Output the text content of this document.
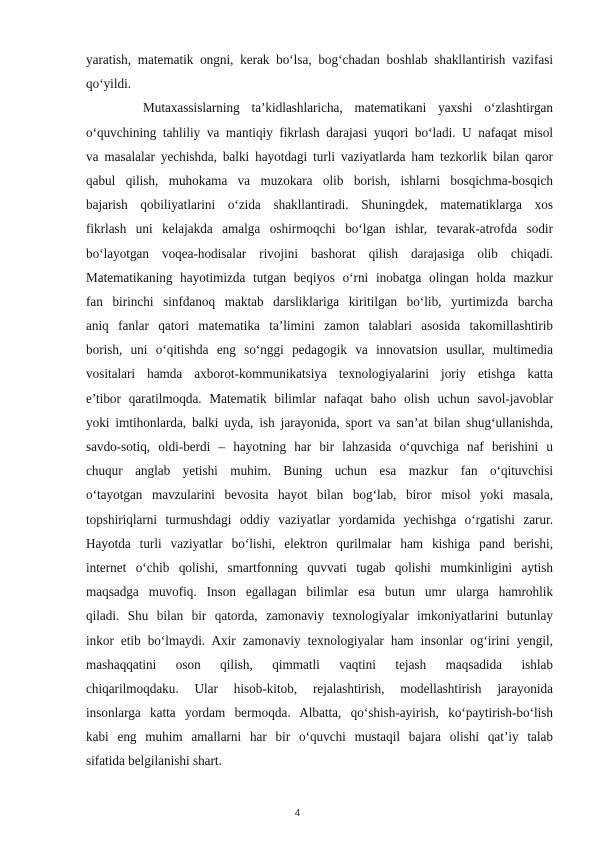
yaratish, matematik ongni, kerak bo‘lsa, bog‘chadan boshlab shakllantirish vazifasi
qo‘yildi.
Mutaxassislarning ta’kidlashlaricha, matematikani yaxshi o‘zlashtirgan
o‘quvchining tahliliy va mantiqiy fikrlash darajasi yuqori bo‘ladi. U nafaqat misol
va masalalar yechishda, balki hayotdagi turli vaziyatlarda ham tezkorlik bilan qaror
qabul qilish, muhokama va muzokara olib borish, ishlarni bosqichma-bosqich
bajarish qobiliyatlarini o‘zida shakllantiradi. Shuningdek, matematiklarga xos
fikrlash uni kelajakda amalga oshirmoqchi bo‘lgan ishlar, tevarak-atrofda sodir
bo‘layotgan voqea-hodisalar rivojini bashorat qilish darajasiga olib chiqadi.
Matematikaning hayotimizda tutgan beqiyos o‘rni inobatga olingan holda mazkur
fan birinchi sinfdanoq maktab darsliklariga kiritilgan bo‘lib, yurtimizda barcha
aniq fanlar qatori matematika ta’limini zamon talablari asosida takomillashtirib
borish, uni o‘qitishda eng so‘nggi pedagogik va innovatsion usullar, multimedia
vositalari hamda axborot-kommunikatsiya texnologiyalarini joriy etishga katta
e’tibor qaratilmoqda. Matematik bilimlar nafaqat baho olish uchun savol-javoblar
yoki imtihonlarda, balki uyda, ish jarayonida, sport va san’at bilan shug‘ullanishda,
savdo-sotiq, oldi-berdi – hayotning har bir lahzasida o‘quvchiga naf berishini u
chuqur anglab yetishi muhim. Buning uchun esa mazkur fan o‘qituvchisi
o‘tayotgan mavzularini bevosita hayot bilan bog‘lab, biror misol yoki masala,
topshiriqlarni turmushdagi oddiy vaziyatlar yordamida yechishga o‘rgatishi zarur.
Hayotda turli vaziyatlar bo‘lishi, elektron qurilmalar ham kishiga pand berishi,
internet o‘chib qolishi, smartfonning quvvati tugab qolishi mumkinligini aytish
maqsadga muvofiq. Inson egallagan bilimlar esa butun umr ularga hamrohlik
qiladi. Shu bilan bir qatorda, zamonaviy texnologiyalar imkoniyatlarini butunlay
inkor etib bo‘lmaydi. Axir zamonaviy texnologiyalar ham insonlar og‘irini yengil,
mashaqqatini oson qilish, qimmatli vaqtini tejash maqsadida ishlab
chiqarilmoqdaku. Ular hisob-kitob, rejalashtirish, modellashtirish jarayonida
insonlarga katta yordam bermoqda. Albatta, qo‘shish-ayirish, ko‘paytirish-bo‘lish
kabi eng muhim amallarni har bir o‘quvchi mustaqil bajara olishi qat’iy talab
sifatida belgilanishi shart.
4
